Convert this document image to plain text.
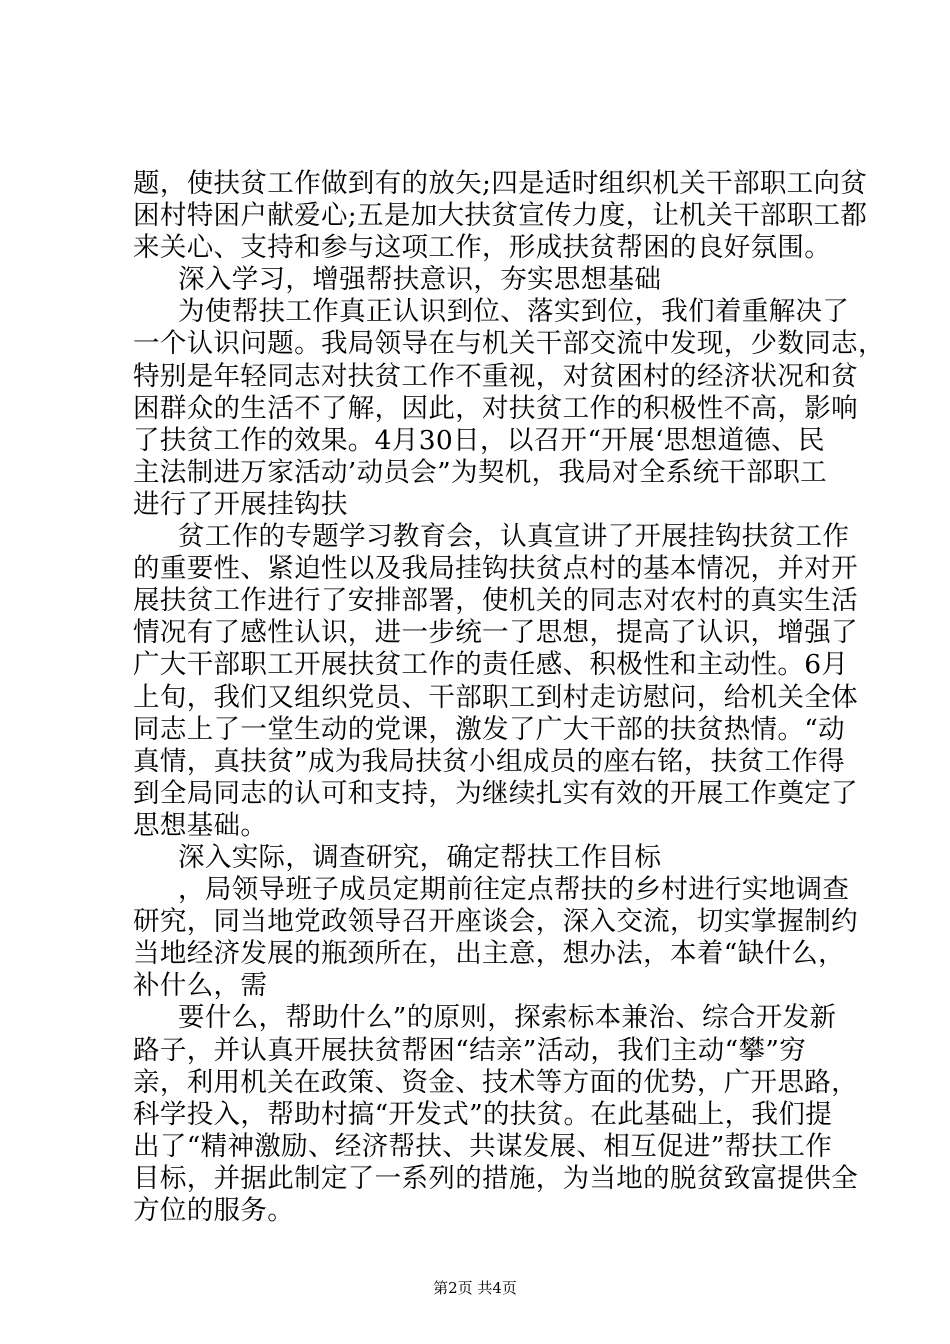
题，使扶贫工作做到有的放矢;四是适时组织机关干部职工向贫
困村特困户献爱心;五是加大扶贫宣传力度，让机关干部职工都
来关心、支持和参与这项工作，形成扶贫帮困的良好氛围。
深入学习，增强帮扶意识，夯实思想基础
为使帮扶工作真正认识到位、落实到位，我们着重解决了
一个认识问题。我局领导在与机关干部交流中发现，少数同志，
特别是年轻同志对扶贫工作不重视，对贫困村的经济状况和贫
困群众的生活不了解，因此，对扶贫工作的积极性不高，影响
了扶贫工作的效果。4月30日，以召开“开展‘思想道德、民
主法制进万家活动’动员会”为契机，我局对全系统干部职工
进行了开展挂钩扶
贫工作的专题学习教育会，认真宣讲了开展挂钩扶贫工作
的重要性、紧迫性以及我局挂钩扶贫点村的基本情况，并对开
展扶贫工作进行了安排部署，使机关的同志对农村的真实生活
情况有了感性认识，进一步统一了思想，提高了认识，增强了
广大干部职工开展扶贫工作的责任感、积极性和主动性。6月
上旬，我们又组织党员、干部职工到村走访慰问，给机关全体
同志上了一堂生动的党课，激发了广大干部的扶贫热情。“动
真情，真扶贫”成为我局扶贫小组成员的座右铭，扶贫工作得
到全局同志的认可和支持，为继续扎实有效的开展工作奠定了
思想基础。
深入实际，调查研究，确定帮扶工作目标
，局领导班子成员定期前往定点帮扶的乡村进行实地调查
研究，同当地党政领导召开座谈会，深入交流，切实掌握制约
当地经济发展的瓶颈所在，出主意，想办法，本着“缺什么，
补什么，需
要什么，帮助什么”的原则，探索标本兼治、综合开发新
路子，并认真开展扶贫帮困“结亲”活动，我们主动“攀”穷
亲，利用机关在政策、资金、技术等方面的优势，广开思路，
科学投入，帮助村搞“开发式”的扶贫。在此基础上，我们提
出了“精神激励、经济帮扶、共谋发展、相互促进”帮扶工作
目标，并据此制定了一系列的措施，为当地的脱贫致富提供全
方位的服务。
第2页 共4页
